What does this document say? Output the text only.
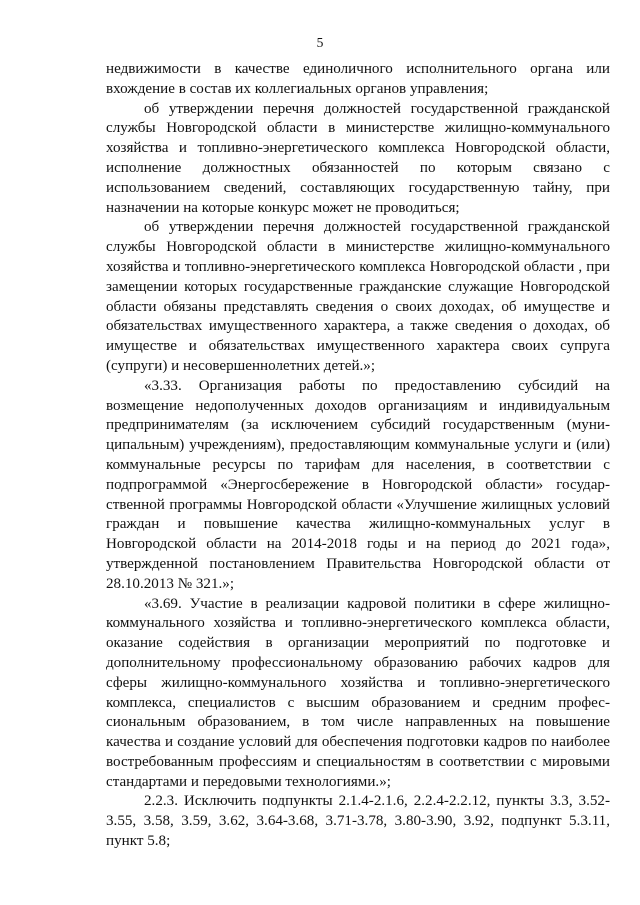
5

недвижимости в качестве единоличного исполнительного органа или вхождение в состав их коллегиальных органов управления;

об утверждении перечня должностей государственной гражданской службы Новгородской области в министерстве жилищно-коммунального хозяйства и топливно-энергетического комплекса Новгородской области, исполнение должностных обязанностей по которым связано с использованием сведений, составляющих государственную тайну, при назначении на которые конкурс может не проводиться;

об утверждении перечня должностей государственной гражданской службы Новгородской области в министерстве жилищно-коммунального хозяйства и топливно-энергетического комплекса Новгородской области , при замещении которых государственные гражданские служащие Новгородской области обязаны представлять сведения о своих доходах, об имуществе и обязательствах имущественного характера, а также сведения о доходах, об имуществе и обязательствах имущественного характера своих супруга (супруги) и несовершеннолетних детей.»;

«3.33. Организация работы по предоставлению субсидий на возмещение недополученных доходов организациям и индивидуальным предпринимателям (за исключением субсидий государственным (муни-ципальным) учреждениям), предоставляющим коммунальные услуги и (или) коммунальные ресурсы по тарифам для населения, в соответствии с подпрограммой «Энергосбережение в Новгородской области» государ-ственной программы Новгородской области «Улучшение жилищных условий граждан и повышение качества жилищно-коммунальных услуг в Новгородской области на 2014-2018 годы и на период до 2021 года», утвержденной постановлением Правительства Новгородской области от 28.10.2013 № 321.»;

«3.69. Участие в реализации кадровой политики в сфере жилищно-коммунального хозяйства и топливно-энергетического комплекса области, оказание содействия в организации мероприятий по подготовке и дополнительному профессиональному образованию рабочих кадров для сферы жилищно-коммунального хозяйства и топливно-энергетического комплекса, специалистов с высшим образованием и средним профес-сиональным образованием, в том числе направленных на повышение качества и создание условий для обеспечения подготовки кадров по наиболее востребованным профессиям и специальностям в соответствии с мировыми стандартами и передовыми технологиями.»;

2.2.3. Исключить подпункты 2.1.4-2.1.6, 2.2.4-2.2.12, пункты 3.3, 3.52-3.55, 3.58, 3.59, 3.62, 3.64-3.68, 3.71-3.78, 3.80-3.90, 3.92, подпункт 5.3.11, пункт 5.8;
